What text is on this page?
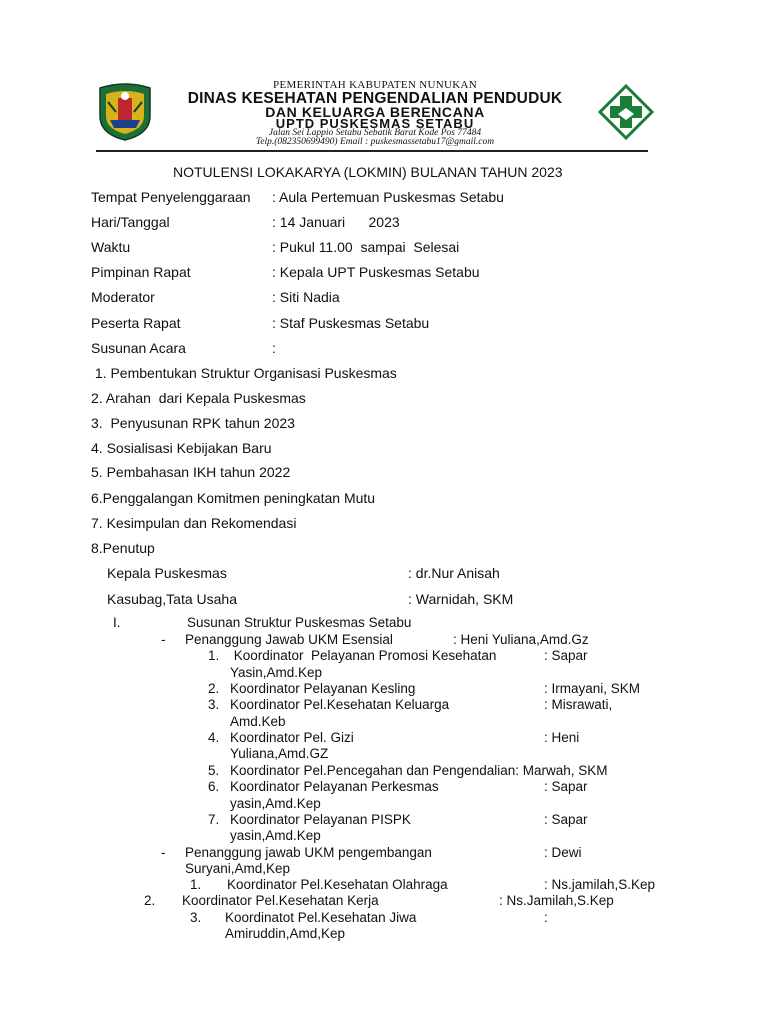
PEMERINTAH KABUPATEN NUNUKAN
DINAS KESEHATAN PENGENDALIAN PENDUDUK
DAN KELUARGA BERENCANA
UPTD PUSKESMAS SETABU
Jalan Sei Lappio Setabu Sebatik Barat Kode Pos 77484
Telp.(082350699490) Email : puskesmassetabu17@gmail.com
NOTULENSI LOKAKARYA (LOKMIN) BULANAN TAHUN 2023
Tempat Penyelenggaraan : Aula Pertemuan Puskesmas Setabu
Hari/Tanggal	: 14 Januari      2023
Waktu	: Pukul 11.00  sampai  Selesai
Pimpinan Rapat	: Kepala UPT Puskesmas Setabu
Moderator	: Siti Nadia
Peserta Rapat	: Staf Puskesmas Setabu
Susunan Acara	:
1. Pembentukan Struktur Organisasi Puskesmas
2. Arahan  dari Kepala Puskesmas
3.  Penyusunan RPK tahun 2023
4. Sosialisasi Kebijakan Baru
5. Pembahasan IKH tahun 2022
6.Penggalangan Komitmen peningkatan Mutu
7. Kesimpulan dan Rekomendasi
8.Penutup
Kepala Puskesmas	: dr.Nur Anisah
Kasubag,Tata Usaha	: Warnidah, SKM
I.	Susunan Struktur Puskesmas Setabu
- Penanggung Jawab UKM Esensial	: Heni Yuliana,Amd.Gz
1. Koordinator  Pelayanan Promosi Kesehatan	: Sapar
Yasin,Amd.Kep
2. Koordinator Pelayanan Kesling	: Irmayani, SKM
3. Koordinator Pel.Kesehatan Keluarga	: Misrawati,
Amd.Keb
4. Koordinator Pel. Gizi	: Heni
Yuliana,Amd.GZ
5. Koordinator Pel.Pencegahan dan Pengendalian: Marwah, SKM
6. Koordinator Pelayanan Perkesmas	: Sapar
yasin,Amd.Kep
7. Koordinator Pelayanan PISPK	: Sapar
yasin,Amd.Kep
- Penanggung jawab UKM pengembangan	: Dewi
Suryani,Amd,Kep
1. Koordinator Pel.Kesehatan Olahraga	: Ns.jamilah,S.Kep
2. Koordinator Pel.Kesehatan Kerja	: Ns.Jamilah,S.Kep
3. Koordinatot Pel.Kesehatan Jiwa	:
Amiruddin,Amd,Kep
